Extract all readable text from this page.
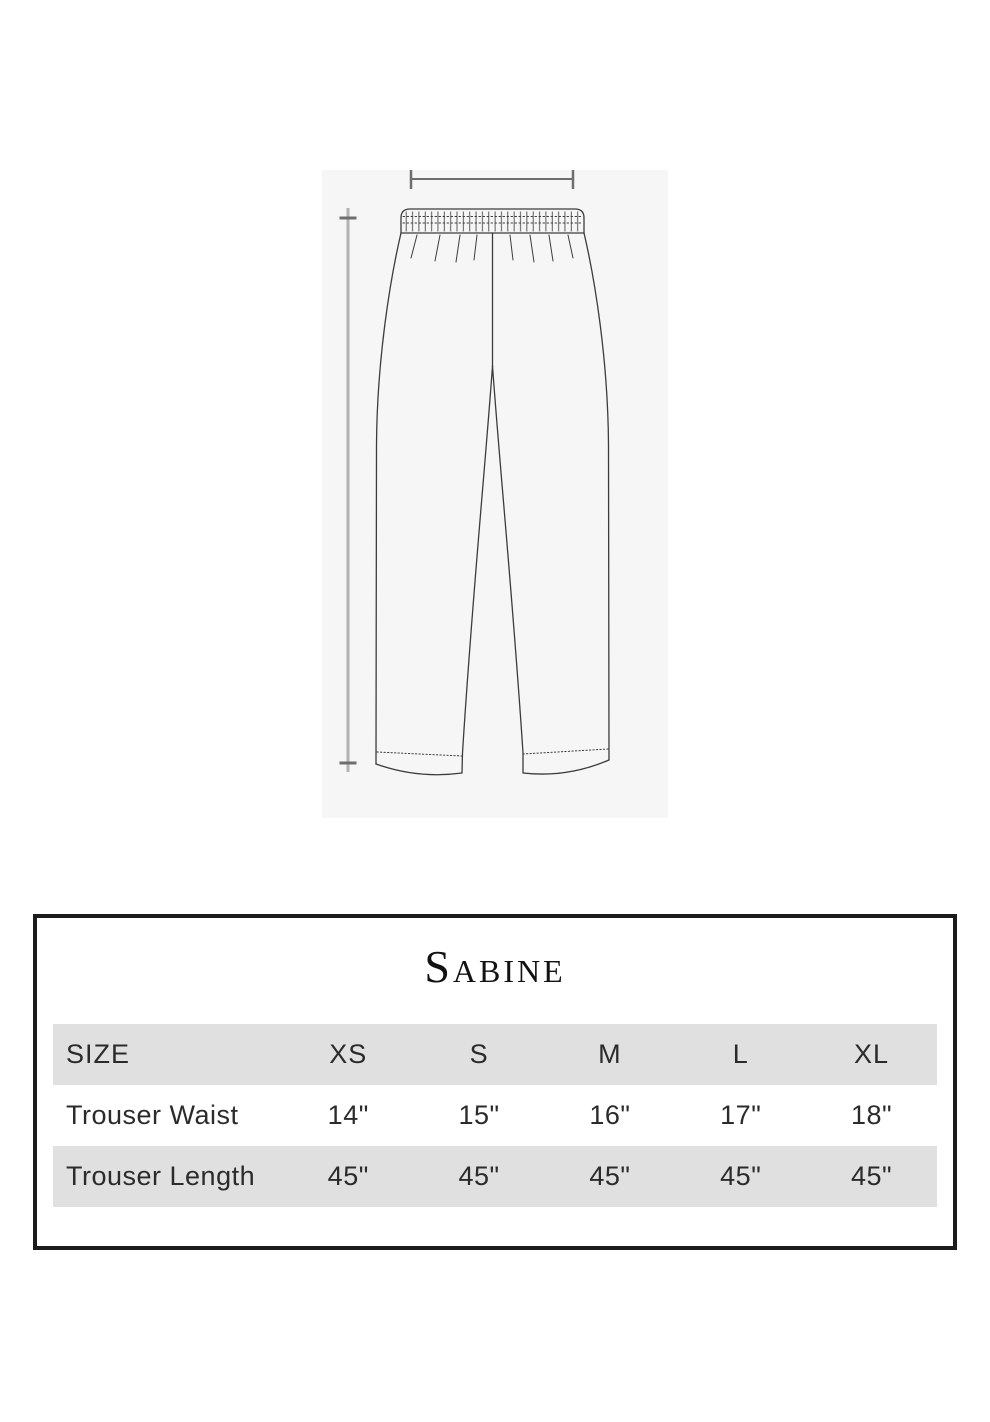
Sabine
SIZE	XS	S	M	L	XL
Trouser Waist	14"	15"	16"	17"	18"
Trouser Length	45"	45"	45"	45"	45"
